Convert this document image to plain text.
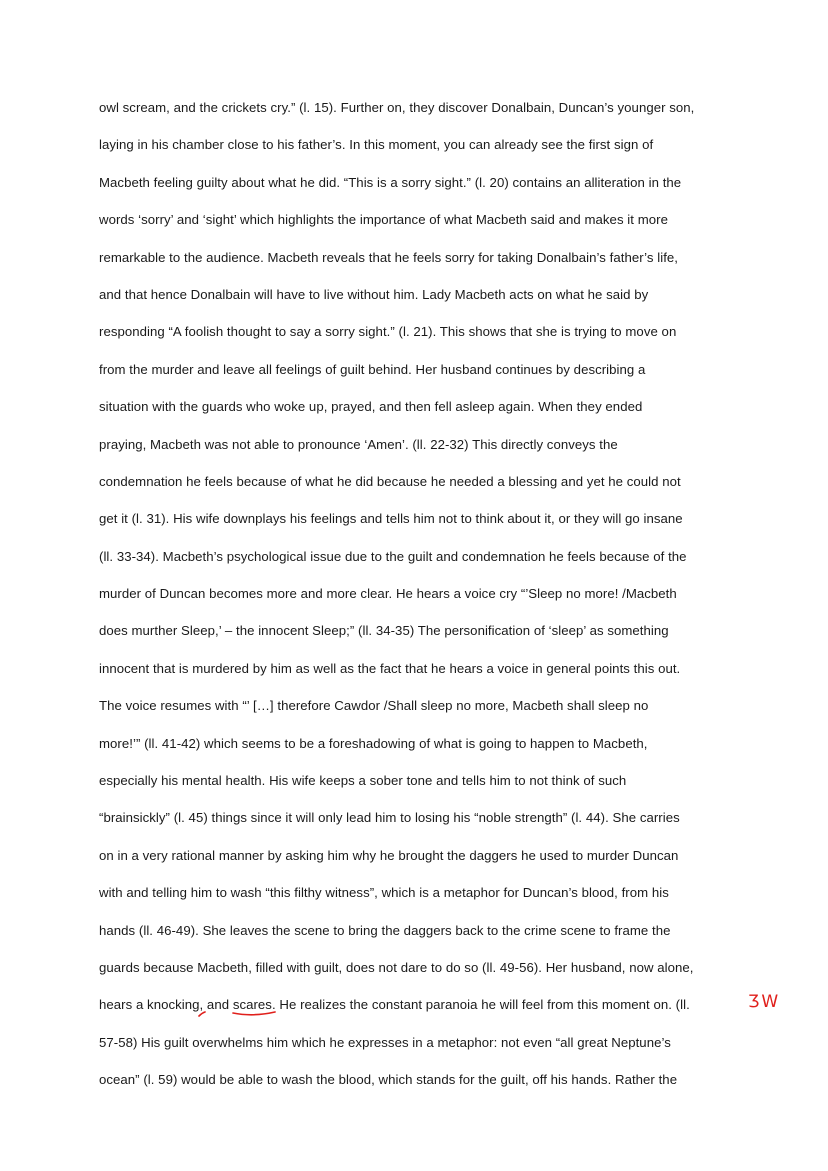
owl scream, and the crickets cry.” (l. 15). Further on, they discover Donalbain, Duncan’s younger son,
laying in his chamber close to his father’s. In this moment, you can already see the first sign of
Macbeth feeling guilty about what he did. “This is a sorry sight.” (l. 20) contains an alliteration in the
words ‘sorry’ and ‘sight’ which highlights the importance of what Macbeth said and makes it more
remarkable to the audience. Macbeth reveals that he feels sorry for taking Donalbain’s father’s life,
and that hence Donalbain will have to live without him. Lady Macbeth acts on what he said by
responding “A foolish thought to say a sorry sight.” (l. 21). This shows that she is trying to move on
from the murder and leave all feelings of guilt behind. Her husband continues by describing a
situation with the guards who woke up, prayed, and then fell asleep again. When they ended
praying, Macbeth was not able to pronounce ‘Amen’. (ll. 22-32) This directly conveys the
condemnation he feels because of what he did because he needed a blessing and yet he could not
get it (l. 31). His wife downplays his feelings and tells him not to think about it, or they will go insane
(ll. 33-34). Macbeth’s psychological issue due to the guilt and condemnation he feels because of the
murder of Duncan becomes more and more clear. He hears a voice cry “’Sleep no more! /Macbeth
does murther Sleep,’ – the innocent Sleep;” (ll. 34-35) The personification of ‘sleep’ as something
innocent that is murdered by him as well as the fact that he hears a voice in general points this out.
The voice resumes with “’ […] therefore Cawdor /Shall sleep no more, Macbeth shall sleep no
more!’” (ll. 41-42) which seems to be a foreshadowing of what is going to happen to Macbeth,
especially his mental health. His wife keeps a sober tone and tells him to not think of such
“brainsickly” (l. 45) things since it will only lead him to losing his “noble strength” (l. 44). She carries
on in a very rational manner by asking him why he brought the daggers he used to murder Duncan
with and telling him to wash “this filthy witness”, which is a metaphor for Duncan’s blood, from his
hands (ll. 46-49). She leaves the scene to bring the daggers back to the crime scene to frame the
guards because Macbeth, filled with guilt, does not dare to do so (ll. 49-56). Her husband, now alone,
hears a knocking,
and scares
. He realizes the constant paranoia he will feel from this moment on. (ll.
57-58) His guilt overwhelms him which he expresses in a metaphor: not even “all great Neptune’s
ocean” (l. 59) would be able to wash the blood, which stands for the guilt, off his hands. Rather the
ƷW
